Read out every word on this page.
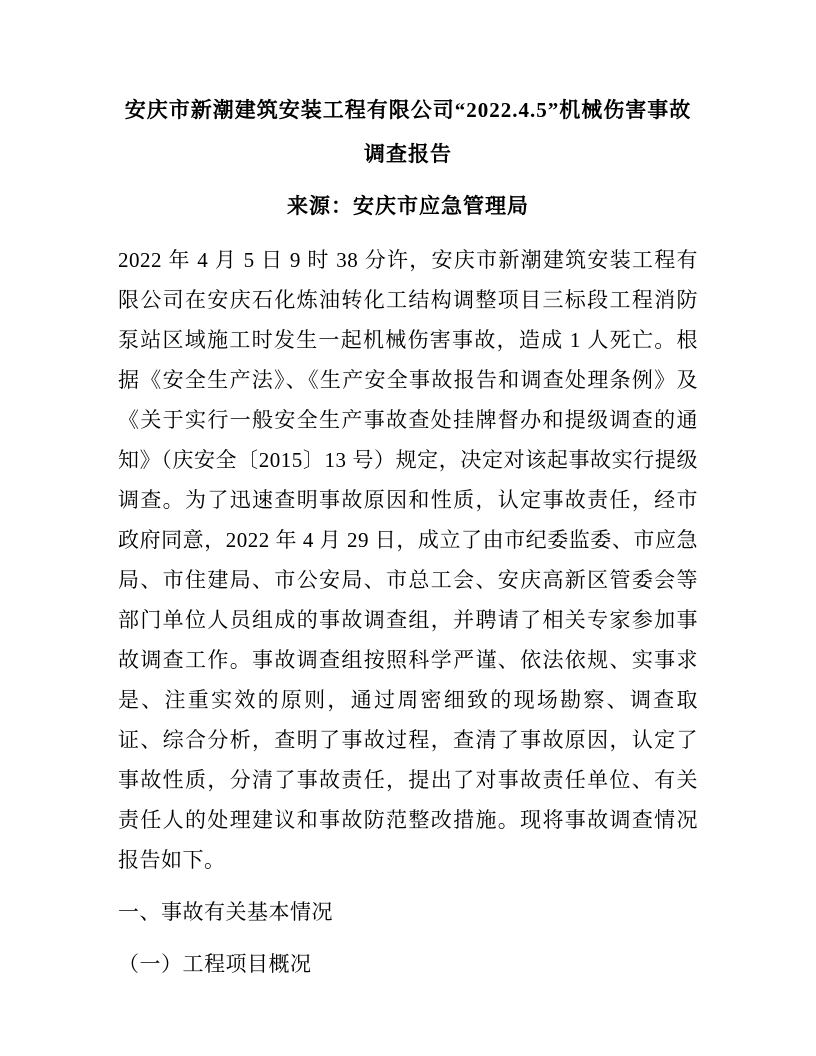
安庆市新潮建筑安装工程有限公司“2022.4.5”机械伤害事故调查报告
来源：安庆市应急管理局

2022 年 4 月 5 日 9 时 38 分许，安庆市新潮建筑安装工程有限公司在安庆石化炼油转化工结构调整项目三标段工程消防泵站区域施工时发生一起机械伤害事故，造成 1 人死亡。根据《安全生产法》、《生产安全事故报告和调查处理条例》及《关于实行一般安全生产事故查处挂牌督办和提级调查的通知》（庆安全〔2015〕13 号）规定，决定对该起事故实行提级调查。为了迅速查明事故原因和性质，认定事故责任，经市政府同意，2022 年 4 月 29 日，成立了由市纪委监委、市应急局、市住建局、市公安局、市总工会、安庆高新区管委会等部门单位人员组成的事故调查组，并聘请了相关专家参加事故调查工作。事故调查组按照科学严谨、依法依规、实事求是、注重实效的原则，通过周密细致的现场勘察、调查取证、综合分析，查明了事故过程，查清了事故原因，认定了事故性质，分清了事故责任，提出了对事故责任单位、有关责任人的处理建议和事故防范整改措施。现将事故调查情况报告如下。

一、事故有关基本情况
（一）工程项目概况
